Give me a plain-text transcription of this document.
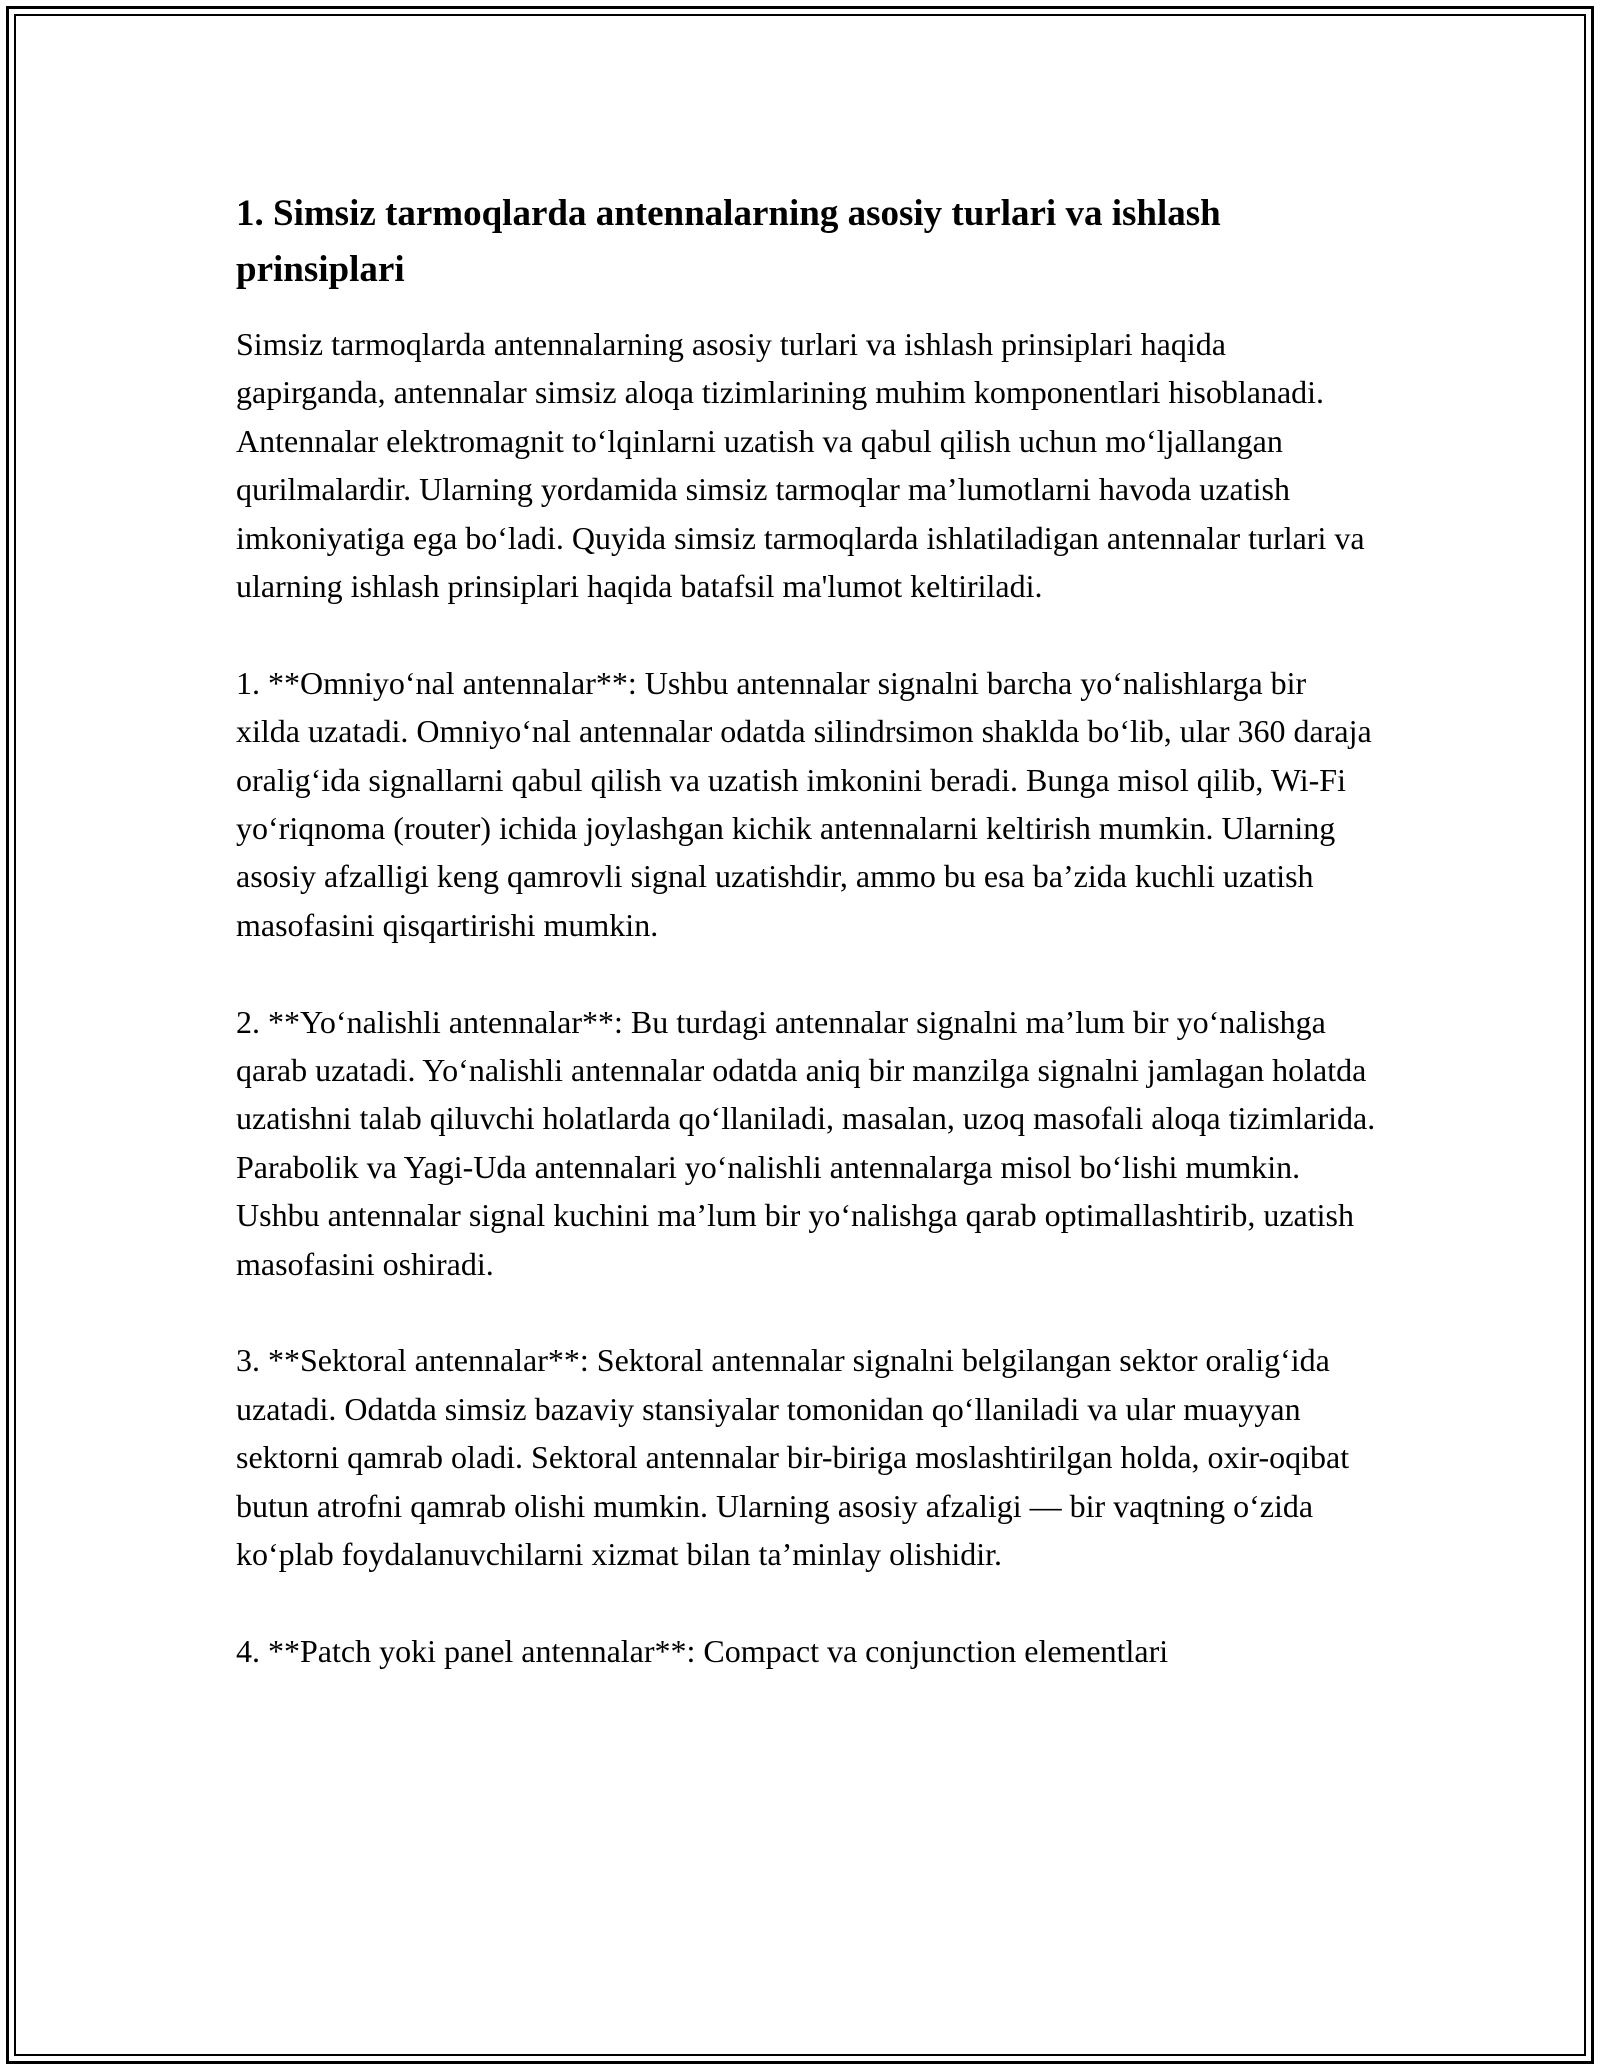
1. Simsiz tarmoqlarda antennalarning asosiy turlari va ishlash prinsiplari

Simsiz tarmoqlarda antennalarning asosiy turlari va ishlash prinsiplari haqida gapirganda, antennalar simsiz aloqa tizimlarining muhim komponentlari hisoblanadi. Antennalar elektromagnit to‘lqinlarni uzatish va qabul qilish uchun mo‘ljallangan qurilmalardir. Ularning yordamida simsiz tarmoqlar ma’lumotlarni havoda uzatish imkoniyatiga ega bo‘ladi. Quyida simsiz tarmoqlarda ishlatiladigan antennalar turlari va ularning ishlash prinsiplari haqida batafsil ma'lumot keltiriladi.

1. **Omniyo‘nal antennalar**: Ushbu antennalar signalni barcha yo‘nalishlarga bir xilda uzatadi. Omniyo‘nal antennalar odatda silindrsimon shaklda bo‘lib, ular 360 daraja oralig‘ida signallarni qabul qilish va uzatish imkonini beradi. Bunga misol qilib, Wi-Fi yo‘riqnoma (router) ichida joylashgan kichik antennalarni keltirish mumkin. Ularning asosiy afzalligi keng qamrovli signal uzatishdir, ammo bu esa ba’zida kuchli uzatish masofasini qisqartirishi mumkin.

2. **Yo‘nalishli antennalar**: Bu turdagi antennalar signalni ma’lum bir yo‘nalishga qarab uzatadi. Yo‘nalishli antennalar odatda aniq bir manzilga signalni jamlagan holatda uzatishni talab qiluvchi holatlarda qo‘llaniladi, masalan, uzoq masofali aloqa tizimlarida. Parabolik va Yagi-Uda antennalari yo‘nalishli antennalarga misol bo‘lishi mumkin. Ushbu antennalar signal kuchini ma’lum bir yo‘nalishga qarab optimallashtirib, uzatish masofasini oshiradi.

3. **Sektoral antennalar**: Sektoral antennalar signalni belgilangan sektor oralig‘ida uzatadi. Odatda simsiz bazaviy stansiyalar tomonidan qo‘llaniladi va ular muayyan sektorni qamrab oladi. Sektoral antennalar bir-biriga moslashtirilgan holda, oxir-oqibat butun atrofni qamrab olishi mumkin. Ularning asosiy afzaligi — bir vaqtning o‘zida ko‘plab foydalanuvchilarni xizmat bilan ta’minlay olishidir.

4. **Patch yoki panel antennalar**: Compact va conjunction elementlari
